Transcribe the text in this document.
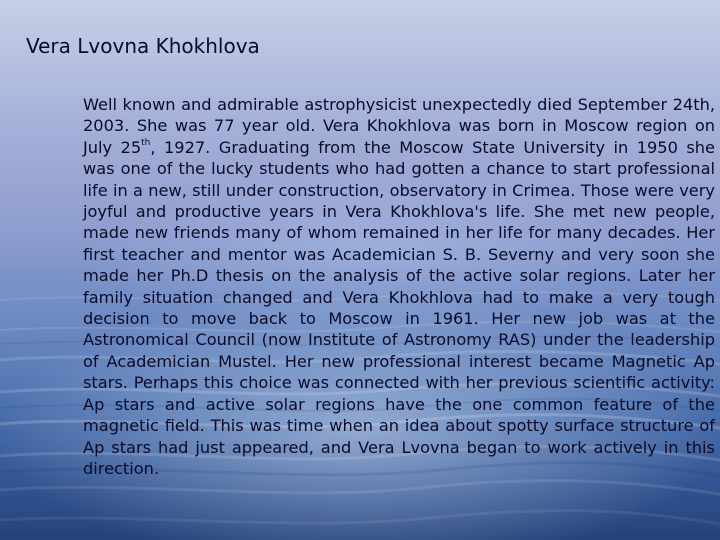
Vera Lvovna Khokhlova
Well known and admirable astrophysicist unexpectedly died September 24th, 2003. She was 77 year old. Vera Khokhlova was born in Moscow region on July 25th, 1927. Graduating from the Moscow State University in 1950 she was one of the lucky students who had gotten a chance to start professional life in a new, still under construction, observatory in Crimea. Those were very joyful and productive years in Vera Khokhlova's life. She met new people, made new friends many of whom remained in her life for many decades. Her first teacher and mentor was Academician S. B. Severny and very soon she made her Ph.D thesis on the analysis of the active solar regions. Later her family situation changed and Vera Khokhlova had to make a very tough decision to move back to Moscow in 1961. Her new job was at the Astronomical Council (now Institute of Astronomy RAS) under the leadership of Academician Mustel. Her new professional interest became Magnetic Ap stars. Perhaps this choice was connected with her previous scientific activity: Ap stars and active solar regions have the one common feature of the magnetic field. This was time when an idea about spotty surface structure of Ap stars had just appeared, and Vera Lvovna began to work actively in this direction.
